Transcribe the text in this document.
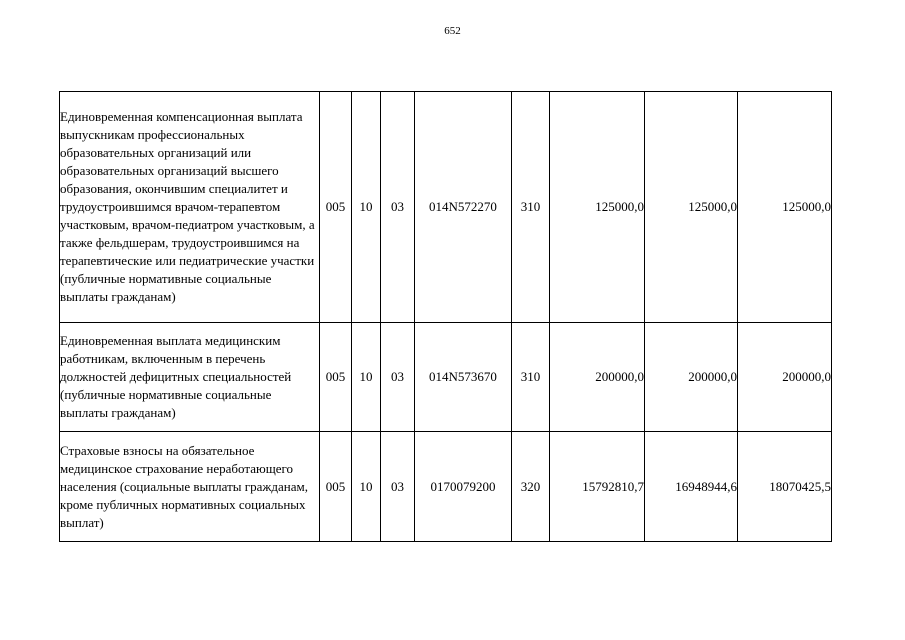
652
Единовременная компенсационная выплата выпускникам профессиональных образовательных организаций или образовательных организаций высшего образования, окончившим специалитет и трудоустроившимся врачом-терапевтом участковым, врачом-педиатром участковым, а также фельдшерам, трудоустроившимся на терапевтические или педиатрические участки (публичные нормативные социальные выплаты гражданам)	005	10	03	014N572270	310	125000,0	125000,0	125000,0

Единовременная выплата медицинским работникам, включенным в перечень должностей дефицитных специальностей (публичные нормативные социальные выплаты гражданам)	005	10	03	014N573670	310	200000,0	200000,0	200000,0

Страховые взносы на обязательное медицинское страхование неработающего населения (социальные выплаты гражданам, кроме публичных нормативных социальных выплат)	005	10	03	0170079200	320	15792810,7	16948944,6	18070425,5
